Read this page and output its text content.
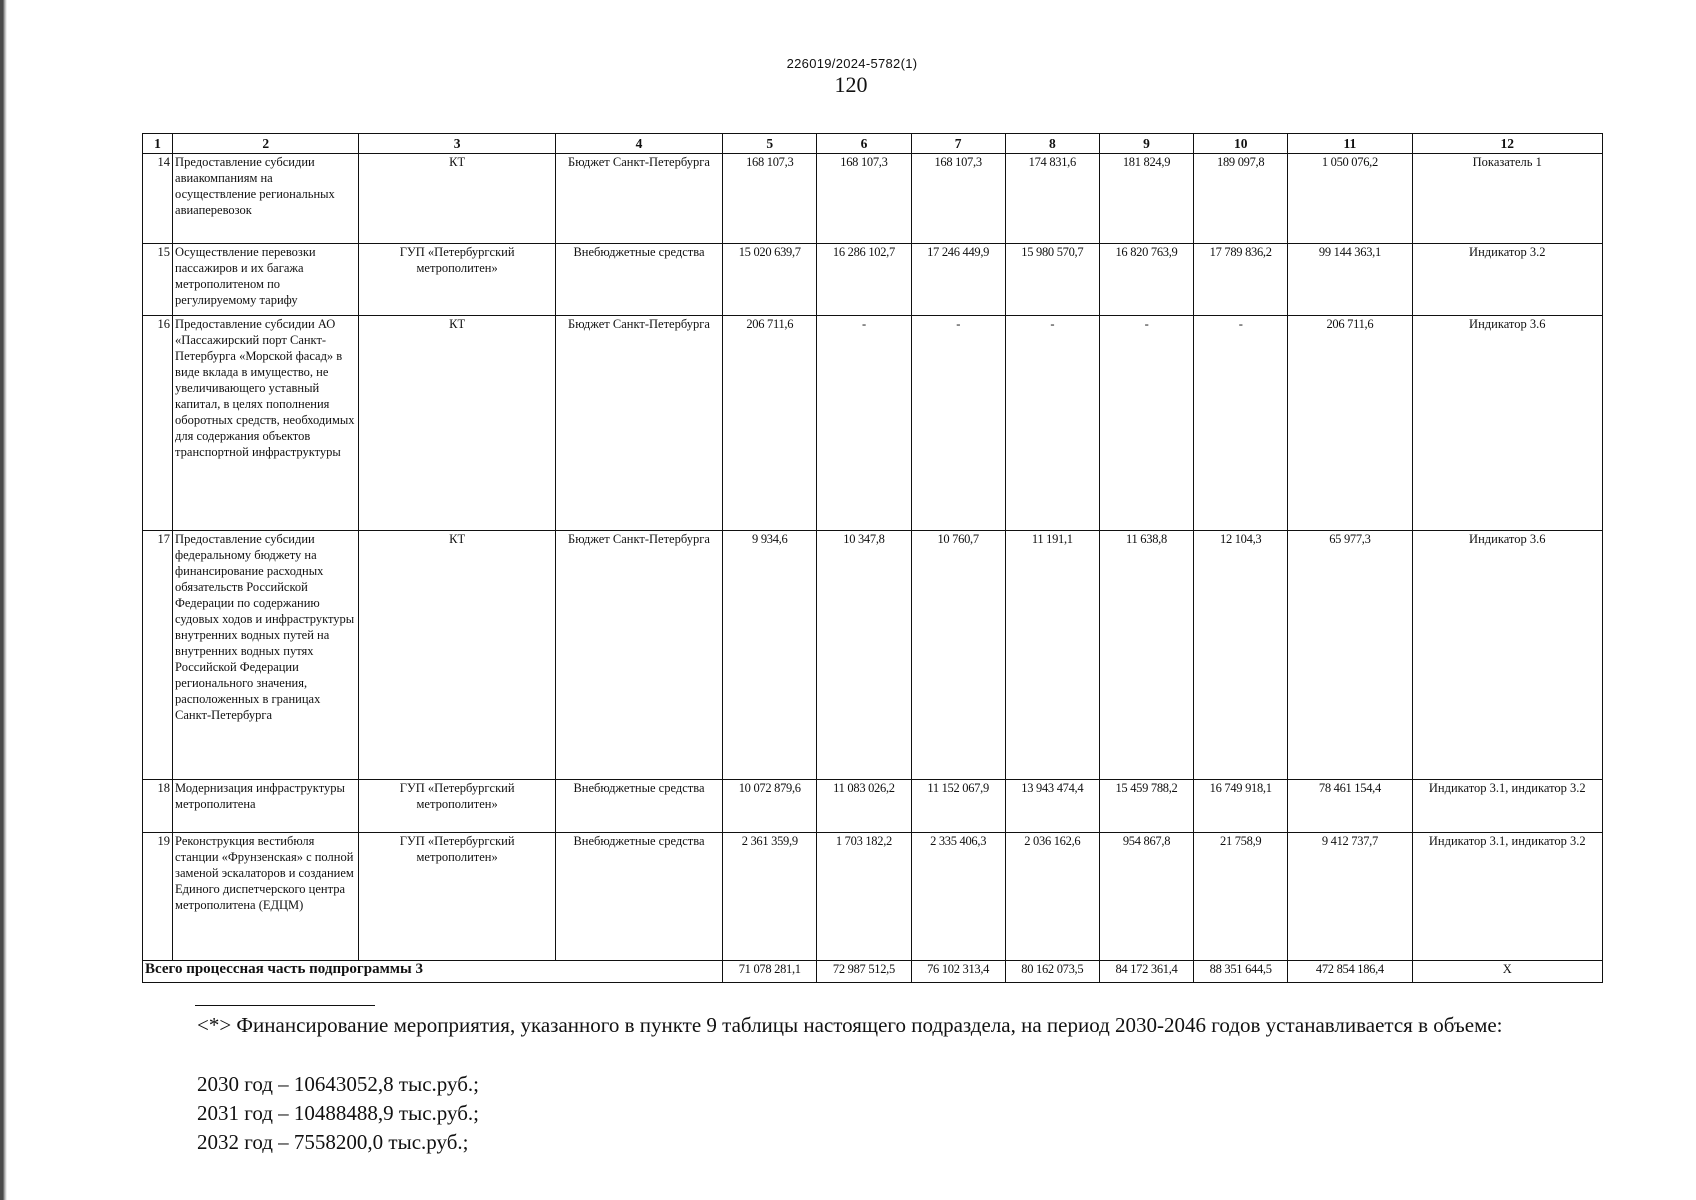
226019/2024-5782(1)
120
1	2	3	4	5	6	7	8	9	10	11	12
14	Предоставление субсидии авиакомпаниям на осуществление региональных авиаперевозок	КТ	Бюджет Санкт-Петербурга	168 107,3	168 107,3	168 107,3	174 831,6	181 824,9	189 097,8	1 050 076,2	Показатель 1
15	Осуществление перевозки пассажиров и их багажа метрополитеном по регулируемому тарифу	ГУП «Петербургский метрополитен»	Внебюджетные средства	15 020 639,7	16 286 102,7	17 246 449,9	15 980 570,7	16 820 763,9	17 789 836,2	99 144 363,1	Индикатор 3.2
16	Предоставление субсидии АО «Пассажирский порт Санкт-Петербурга «Морской фасад» в виде вклада в имущество, не увеличивающего уставный капитал, в целях пополнения оборотных средств, необходимых для содержания объектов транспортной инфраструктуры	КТ	Бюджет Санкт-Петербурга	206 711,6	-	-	-	-	-	206 711,6	Индикатор 3.6
17	Предоставление субсидии федеральному бюджету на финансирование расходных обязательств Российской Федерации по содержанию судовых ходов и инфраструктуры внутренних водных путей на внутренних водных путях Российской Федерации регионального значения, расположенных в границах Санкт-Петербурга	КТ	Бюджет Санкт-Петербурга	9 934,6	10 347,8	10 760,7	11 191,1	11 638,8	12 104,3	65 977,3	Индикатор 3.6
18	Модернизация инфраструктуры метрополитена	ГУП «Петербургский метрополитен»	Внебюджетные средства	10 072 879,6	11 083 026,2	11 152 067,9	13 943 474,4	15 459 788,2	16 749 918,1	78 461 154,4	Индикатор 3.1, индикатор 3.2
19	Реконструкция вестибюля станции «Фрунзенская» с полной заменой эскалаторов и созданием Единого диспетчерского центра метрополитена (ЕДЦМ)	ГУП «Петербургский метрополитен»	Внебюджетные средства	2 361 359,9	1 703 182,2	2 335 406,3	2 036 162,6	954 867,8	21 758,9	9 412 737,7	Индикатор 3.1, индикатор 3.2
Всего процессная часть подпрограммы 3				71 078 281,1	72 987 512,5	76 102 313,4	80 162 073,5	84 172 361,4	88 351 644,5	472 854 186,4	Х
<*> Финансирование мероприятия, указанного в пункте 9 таблицы настоящего подраздела, на период 2030-2046 годов устанавливается в объеме:
2030 год – 10643052,8 тыс.руб.;
2031 год – 10488488,9 тыс.руб.;
2032 год – 7558200,0 тыс.руб.;
